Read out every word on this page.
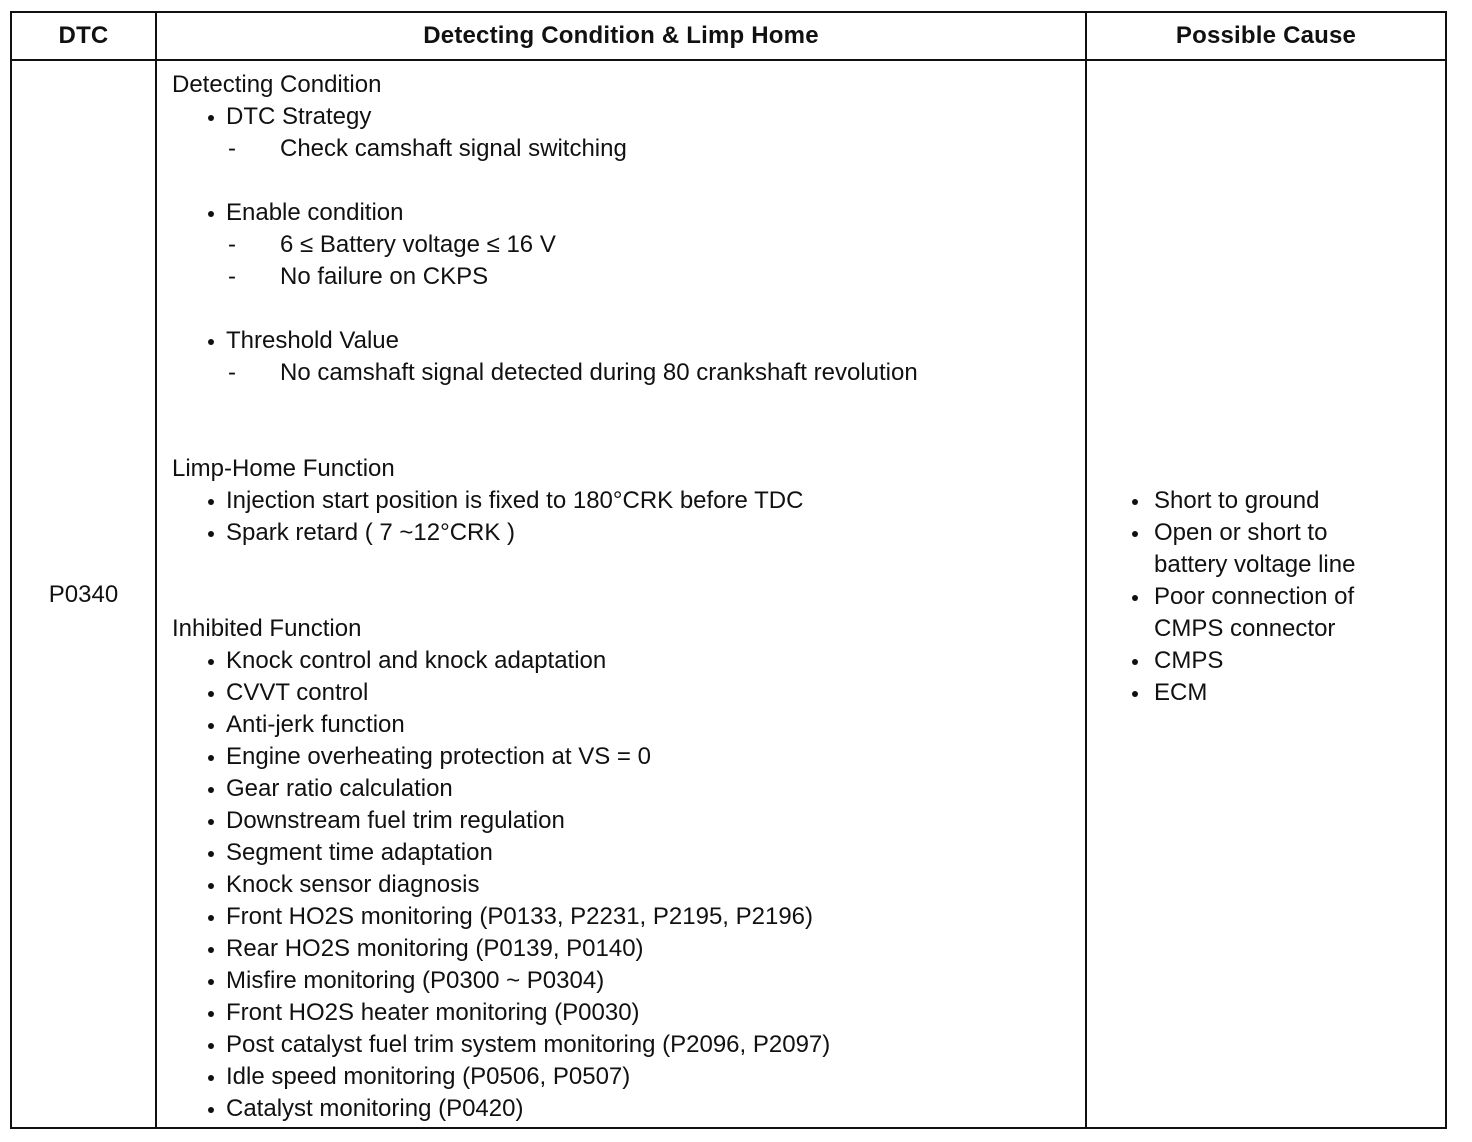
DTC	Detecting Condition & Limp Home	Possible Cause
P0340
Detecting Condition
DTC Strategy
- Check camshaft signal switching
Enable condition
- 6 ≤ Battery voltage ≤ 16 V
- No failure on CKPS
Threshold Value
- No camshaft signal detected during 80 crankshaft revolution
Limp-Home Function
Injection start position is fixed to 180°CRK before TDC
Spark retard ( 7 ~12°CRK )
Inhibited Function
Knock control and knock adaptation
CVVT control
Anti-jerk function
Engine overheating protection at VS = 0
Gear ratio calculation
Downstream fuel trim regulation
Segment time adaptation
Knock sensor diagnosis
Front HO2S monitoring (P0133, P2231, P2195, P2196)
Rear HO2S monitoring (P0139, P0140)
Misfire monitoring (P0300 ~ P0304)
Front HO2S heater monitoring (P0030)
Post catalyst fuel trim system monitoring (P2096, P2097)
Idle speed monitoring (P0506, P0507)
Catalyst monitoring (P0420)
Short to ground
Open or short to
battery voltage line
Poor connection of
CMPS connector
CMPS
ECM
